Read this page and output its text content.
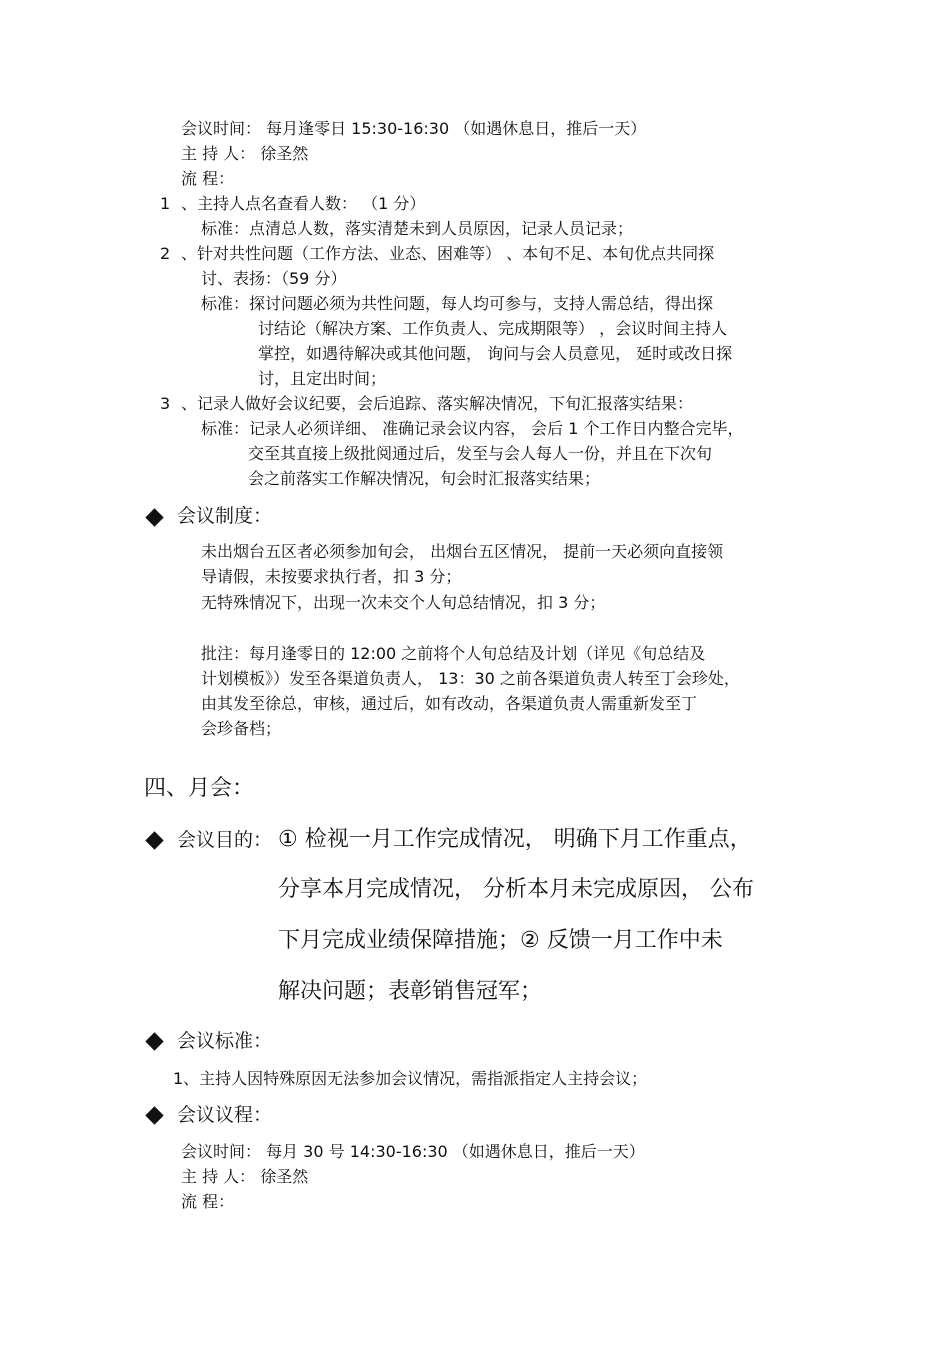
会议时间： 每月逢零日 15:30-16:30 （如遇休息日，推后一天）
主 持 人： 徐圣然
流 程：
1 、主持人点名查看人数： （1 分）
标准：点清总人数，落实清楚未到人员原因，记录人员记录；
2 、针对共性问题（工作方法、业态、困难等） 、本旬不足、本旬优点共同探
讨、表扬：（59 分）
标准：探讨问题必须为共性问题，每人均可参与，支持人需总结，得出探
讨结论（解决方案、工作负责人、完成期限等） ，会议时间主持人
掌控，如遇待解决或其他问题， 询问与会人员意见， 延时或改日探
讨，且定出时间；
3 、记录人做好会议纪要，会后追踪、落实解决情况，下旬汇报落实结果：
标准：记录人必须详细、 准确记录会议内容， 会后 1 个工作日内整合完毕，
交至其直接上级批阅通过后，发至与会人每人一份，并且在下次旬
会之前落实工作解决情况，旬会时汇报落实结果；
会议制度：
未出烟台五区者必须参加旬会， 出烟台五区情况， 提前一天必须向直接领
导请假，未按要求执行者，扣 3 分；
无特殊情况下，出现一次未交个人旬总结情况，扣 3 分；
批注：每月逢零日的 12:00 之前将个人旬总结及计划（详见《旬总结及
计划模板》）发至各渠道负责人， 13：30 之前各渠道负责人转至丁会珍处，
由其发至徐总，审核，通过后，如有改动，各渠道负责人需重新发至丁
会珍备档；
四、月会：
会议目的： ① 检视一月工作完成情况， 明确下月工作重点，
分享本月完成情况， 分析本月未完成原因， 公布
下月完成业绩保障措施；② 反馈一月工作中未
解决问题；表彰销售冠军；
会议标准：
1、主持人因特殊原因无法参加会议情况，需指派指定人主持会议；
会议议程：
会议时间： 每月 30 号 14:30-16:30 （如遇休息日，推后一天）
主 持 人： 徐圣然
流 程：
